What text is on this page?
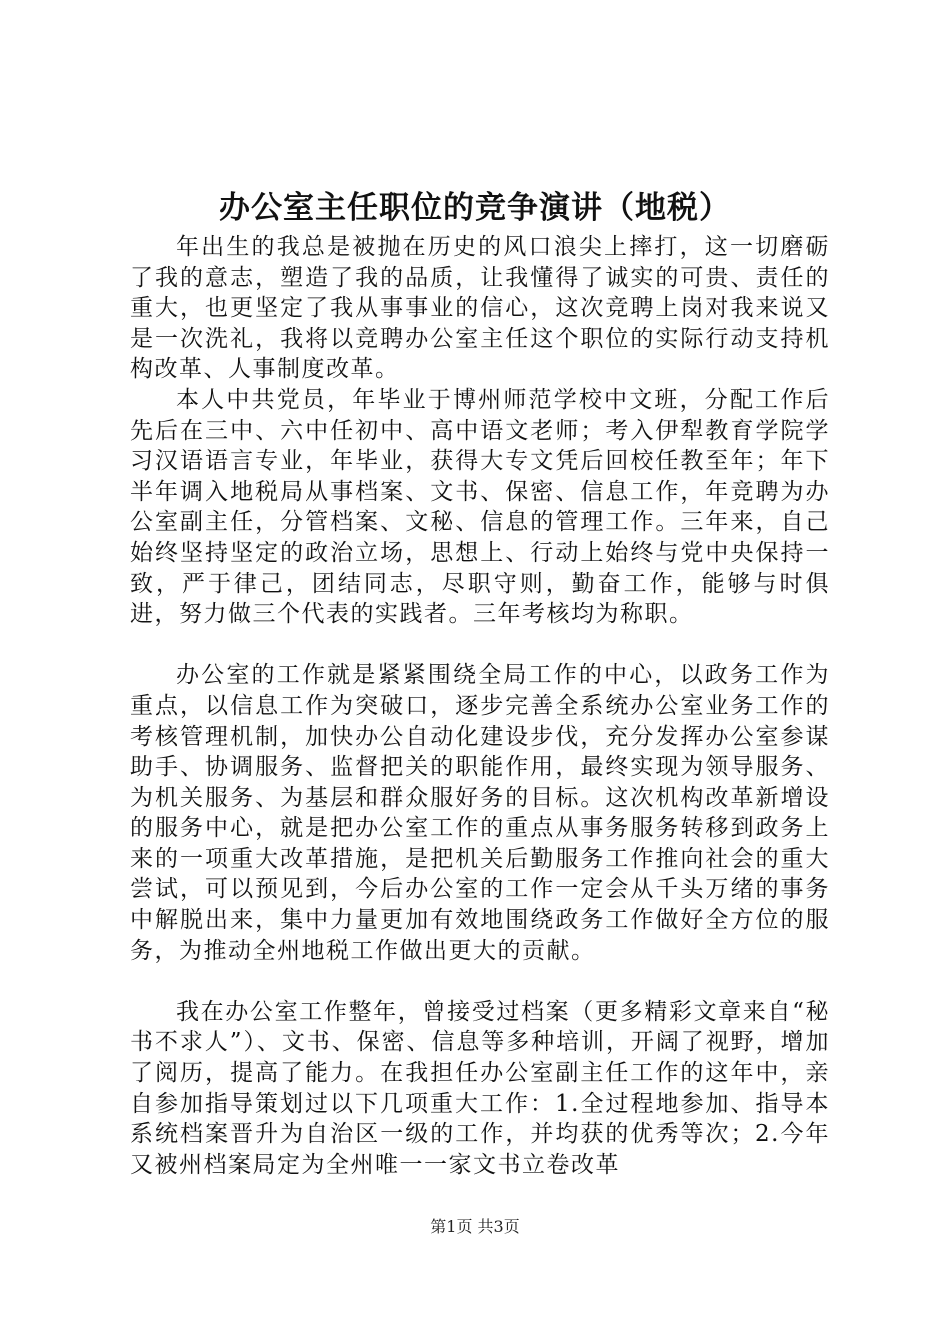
办公室主任职位的竞争演讲（地税）

年出生的我总是被抛在历史的风口浪尖上摔打，这一切磨砺了我的意志，塑造了我的品质，让我懂得了诚实的可贵、责任的重大，也更坚定了我从事事业的信心，这次竞聘上岗对我来说又是一次洗礼，我将以竞聘办公室主任这个职位的实际行动支持机构改革、人事制度改革。

本人中共党员，年毕业于博州师范学校中文班，分配工作后先后在三中、六中任初中、高中语文老师；考入伊犁教育学院学习汉语语言专业，年毕业，获得大专文凭后回校任教至年；年下半年调入地税局从事档案、文书、保密、信息工作，年竞聘为办公室副主任，分管档案、文秘、信息的管理工作。三年来，自己始终坚持坚定的政治立场，思想上、行动上始终与党中央保持一致，严于律己，团结同志，尽职守则，勤奋工作，能够与时俱进，努力做三个代表的实践者。三年考核均为称职。

办公室的工作就是紧紧围绕全局工作的中心，以政务工作为重点，以信息工作为突破口，逐步完善全系统办公室业务工作的考核管理机制，加快办公自动化建设步伐，充分发挥办公室参谋助手、协调服务、监督把关的职能作用，最终实现为领导服务、为机关服务、为基层和群众服好务的目标。这次机构改革新增设的服务中心，就是把办公室工作的重点从事务服务转移到政务上来的一项重大改革措施，是把机关后勤服务工作推向社会的重大尝试，可以预见到，今后办公室的工作一定会从千头万绪的事务中解脱出来，集中力量更加有效地围绕政务工作做好全方位的服务，为推动全州地税工作做出更大的贡献。

我在办公室工作整年，曾接受过档案（更多精彩文章来自“秘书不求人”）、文书、保密、信息等多种培训，开阔了视野，增加了阅历，提高了能力。在我担任办公室副主任工作的这年中，亲自参加指导策划过以下几项重大工作：1.全过程地参加、指导本系统档案晋升为自治区一级的工作，并均获的优秀等次；2.今年又被州档案局定为全州唯一一家文书立卷改革

第1页 共3页
